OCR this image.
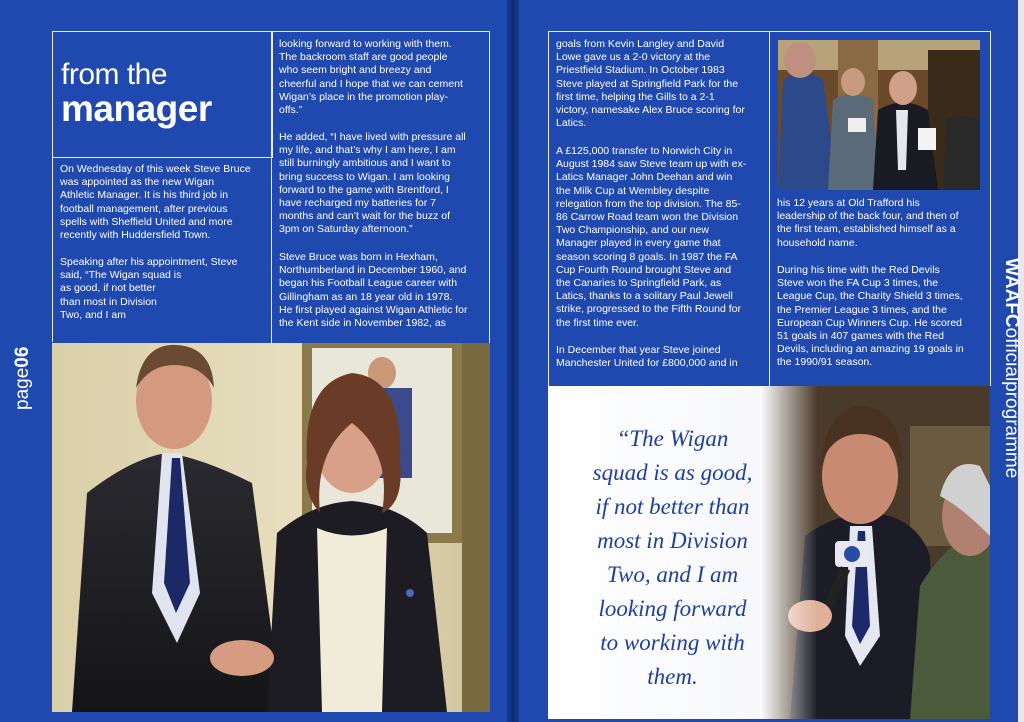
from the
manager
On Wednesday of this week Steve Bruce
was appointed as the new Wigan
Athletic Manager. It is his third job in
football management, after previous
spells with Sheffield United and more
recently with Huddersfield Town.
Speaking after his appointment, Steve
said, “The Wigan squad is
as good, if not better
than most in Division
Two, and I am
looking forward to working with them.
The backroom staff are good people
who seem bright and breezy and
cheerful and I hope that we can cement
Wigan’s place in the promotion play-
offs.”
He added, “I have lived with pressure all
my life, and that’s why I am here, I am
still burningly ambitious and I want to
bring success to Wigan. I am looking
forward to the game with Brentford, I
have recharged my batteries for 7
months and can’t wait for the buzz of
3pm on Saturday afternoon.”
Steve Bruce was born in Hexham,
Northumberland in December 1960, and
began his Football League career with
Gillingham as an 18 year old in 1978.
He first played against Wigan Athletic for
the Kent side in November 1982, as
page06
goals from Kevin Langley and David
Lowe gave us a 2-0 victory at the
Priestfield Stadium. In October 1983
Steve played at Springfield Park for the
first time, helping the Gills to a 2-1
victory, namesake Alex Bruce scoring for
Latics.
A £125,000 transfer to Norwich City in
August 1984 saw Steve team up with ex-
Latics Manager John Deehan and win
the Milk Cup at Wembley despite
relegation from the top division. The 85-
86 Carrow Road team won the Division
Two Championship, and our new
Manager played in every game that
season scoring 8 goals. In 1987 the FA
Cup Fourth Round brought Steve and
the Canaries to Springfield Park, as
Latics, thanks to a solitary Paul Jewell
strike, progressed to the Fifth Round for
the first time ever.
In December that year Steve joined
Manchester United for £800,000 and in
his 12 years at Old Trafford his
leadership of the back four, and then of
the first team, established himself as a
household name.
During his time with the Red Devils
Steve won the FA Cup 3 times, the
League Cup, the Charity Shield 3 times,
the Premier League 3 times, and the
European Cup Winners Cup. He scored
51 goals in 407 games with the Red
Devils, including an amazing 19 goals in
the 1990/91 season.
“The Wigan
squad is as good,
if not better than
most in Division
Two, and I am
looking forward
to working with
them.
WAAFCofficialprogramme
